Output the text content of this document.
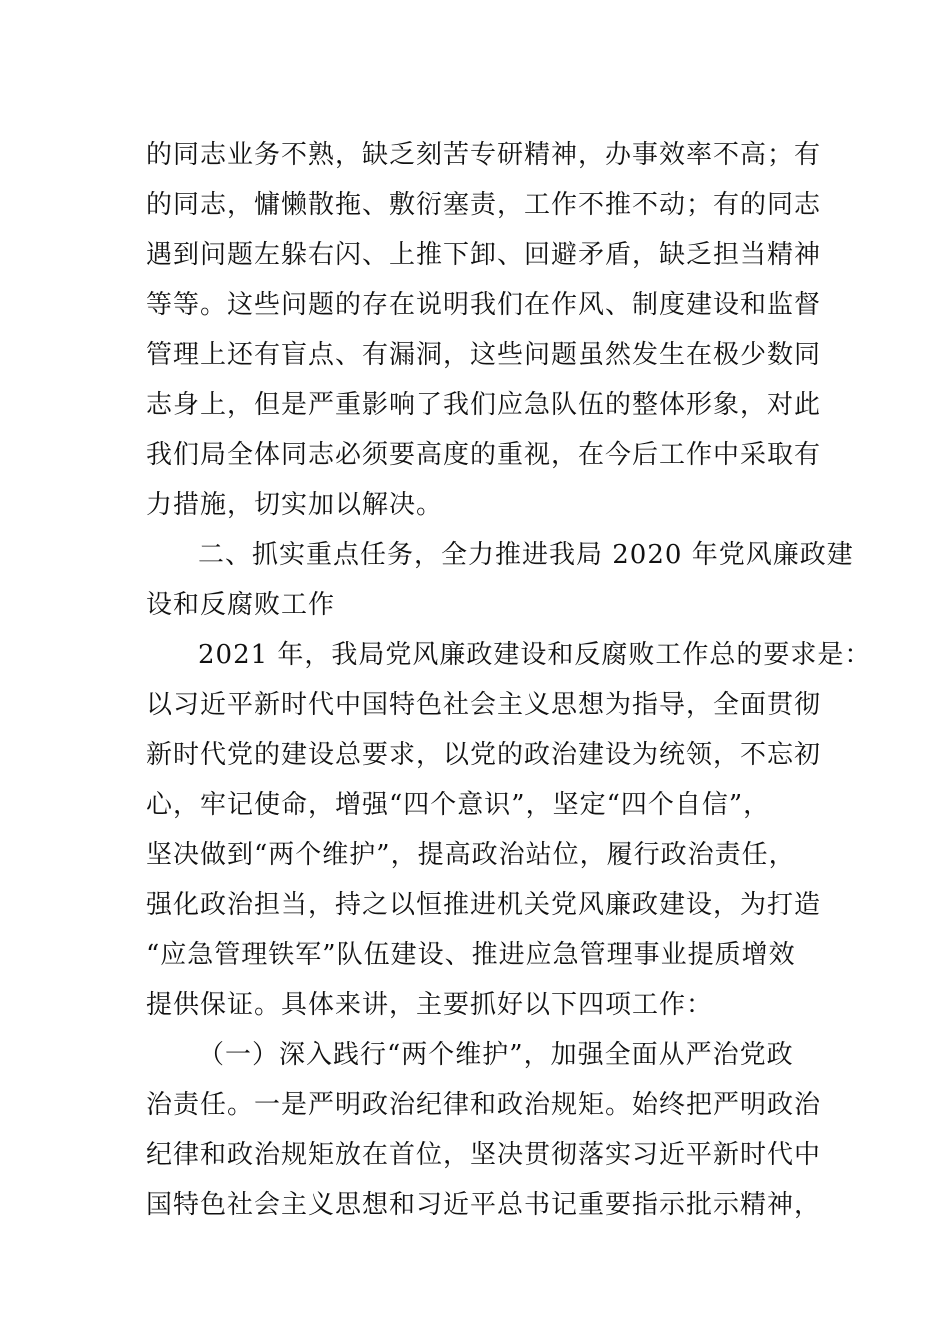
的同志业务不熟，缺乏刻苦专研精神，办事效率不高；有
的同志，慵懒散拖、敷衍塞责，工作不推不动；有的同志
遇到问题左躲右闪、上推下卸、回避矛盾，缺乏担当精神
等等。这些问题的存在说明我们在作风、制度建设和监督
管理上还有盲点、有漏洞，这些问题虽然发生在极少数同
志身上，但是严重影响了我们应急队伍的整体形象，对此
我们局全体同志必须要高度的重视，在今后工作中采取有
力措施，切实加以解决。
二、抓实重点任务，全力推进我局 2020 年党风廉政建
设和反腐败工作
2021 年，我局党风廉政建设和反腐败工作总的要求是：
以习近平新时代中国特色社会主义思想为指导，全面贯彻
新时代党的建设总要求，以党的政治建设为统领，不忘初
心，牢记使命，增强“四个意识”，坚定“四个自信”，
坚决做到“两个维护”，提高政治站位，履行政治责任，
强化政治担当，持之以恒推进机关党风廉政建设，为打造
“应急管理铁军”队伍建设、推进应急管理事业提质增效
提供保证。具体来讲，主要抓好以下四项工作：
（一）深入践行“两个维护”，加强全面从严治党政
治责任。一是严明政治纪律和政治规矩。始终把严明政治
纪律和政治规矩放在首位，坚决贯彻落实习近平新时代中
国特色社会主义思想和习近平总书记重要指示批示精神，
